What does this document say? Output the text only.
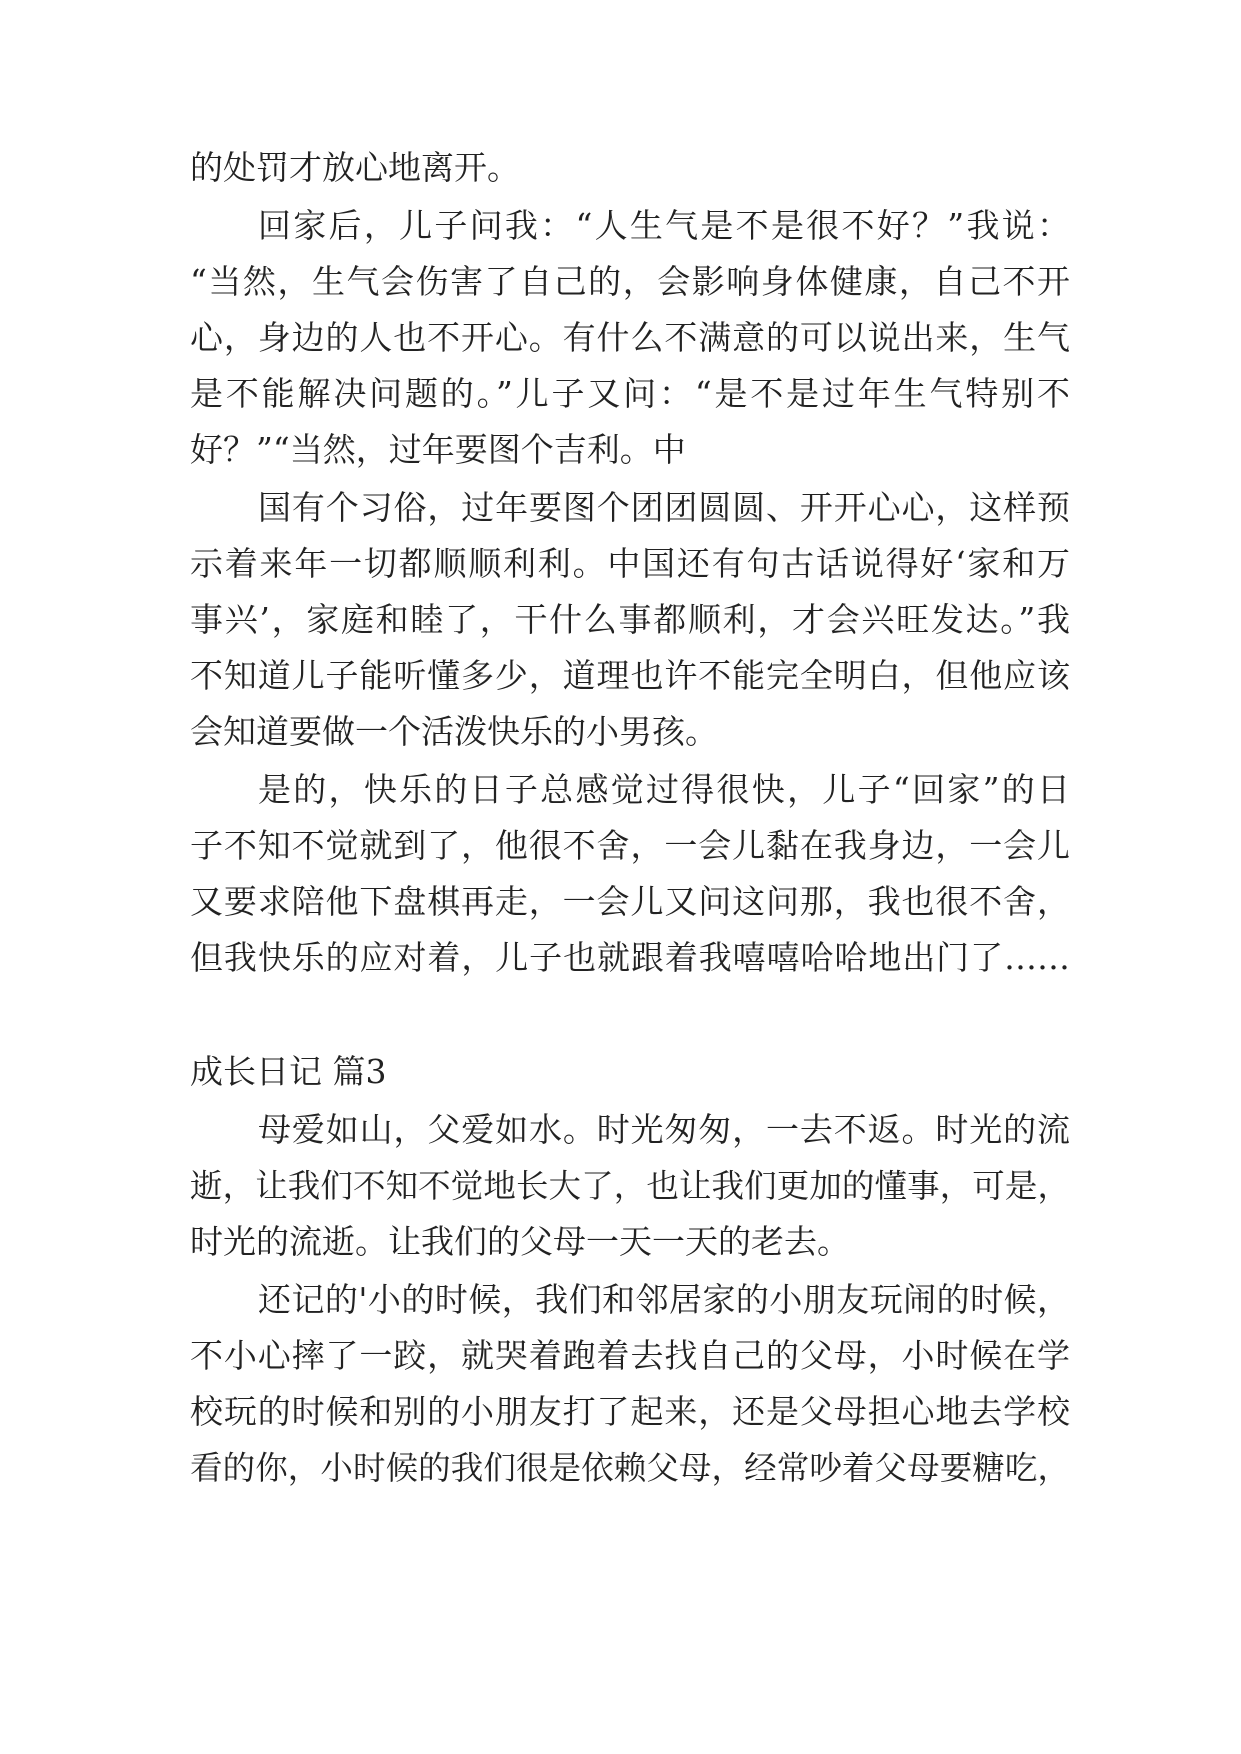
的处罚才放心地离开。

回家后，儿子问我：“人生气是不是很不好？”我说：

“当然，生气会伤害了自己的，会影响身体健康，自己不开

心，身边的人也不开心。有什么不满意的可以说出来，生气

是不能解决问题的。”儿子又问：“是不是过年生气特别不

好？”“当然，过年要图个吉利。中

国有个习俗，过年要图个团团圆圆、开开心心，这样预

示着来年一切都顺顺利利。中国还有句古话说得好‘家和万

事兴’，家庭和睦了，干什么事都顺利，才会兴旺发达。”我

不知道儿子能听懂多少，道理也许不能完全明白，但他应该

会知道要做一个活泼快乐的小男孩。

是的，快乐的日子总感觉过得很快，儿子“回家”的日

子不知不觉就到了，他很不舍，一会儿黏在我身边，一会儿

又要求陪他下盘棋再走，一会儿又问这问那，我也很不舍，

但我快乐的应对着，儿子也就跟着我嘻嘻哈哈地出门了……

成长日记 篇3

母爱如山，父爱如水。时光匆匆，一去不返。时光的流

逝，让我们不知不觉地长大了，也让我们更加的懂事，可是，

时光的流逝。让我们的父母一天一天的老去。

还记的'小的时候，我们和邻居家的小朋友玩闹的时候，

不小心摔了一跤，就哭着跑着去找自己的父母，小时候在学

校玩的时候和别的小朋友打了起来，还是父母担心地去学校

看的你，小时候的我们很是依赖父母，经常吵着父母要糖吃，
